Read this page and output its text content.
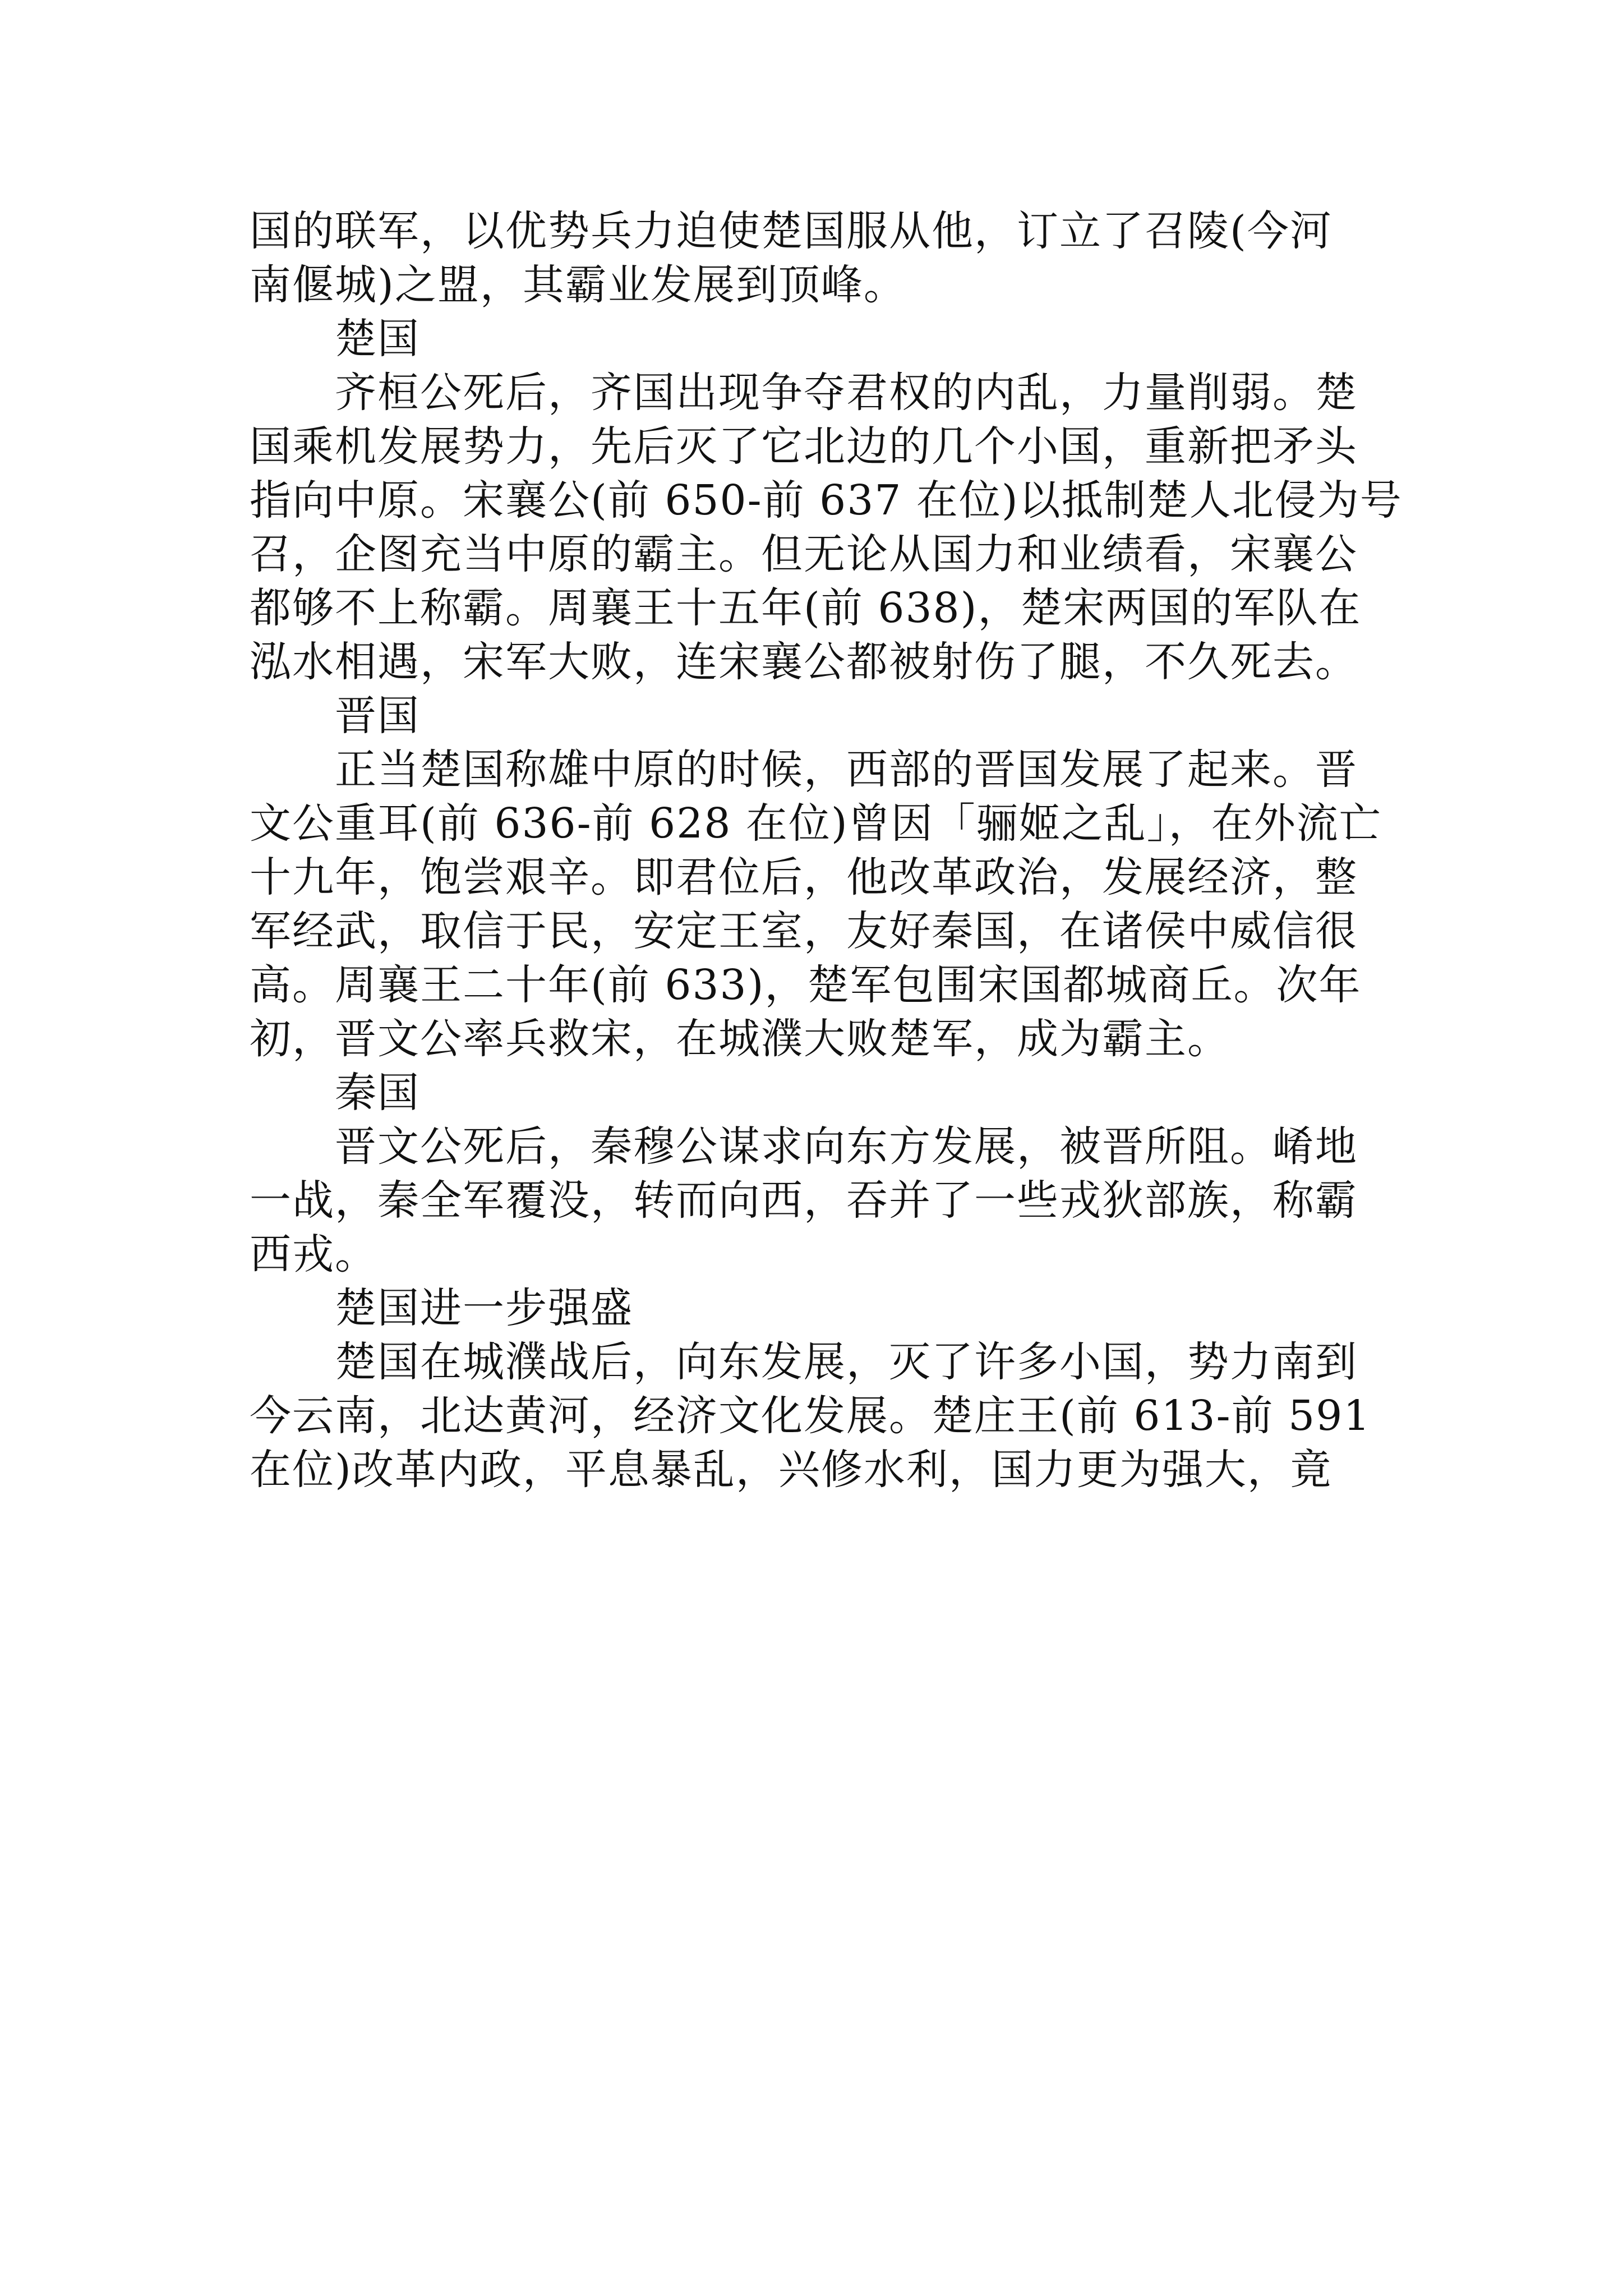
国的联军，以优势兵力迫使楚国服从他，订立了召陵(今河

南偃城)之盟，其霸业发展到顶峰。

　　楚国

　　齐桓公死后，齐国出现争夺君权的内乱，力量削弱。楚

国乘机发展势力，先后灭了它北边的几个小国，重新把矛头

指向中原。宋襄公(前 650-前 637 在位)以抵制楚人北侵为号

召，企图充当中原的霸主。但无论从国力和业绩看，宋襄公

都够不上称霸。周襄王十五年(前 638)，楚宋两国的军队在

泓水相遇，宋军大败，连宋襄公都被射伤了腿，不久死去。

　　晋国

　　正当楚国称雄中原的时候，西部的晋国发展了起来。晋

文公重耳(前 636-前 628 在位)曾因「骊姬之乱」，在外流亡

十九年，饱尝艰辛。即君位后，他改革政治，发展经济，整

军经武，取信于民，安定王室，友好秦国，在诸侯中威信很

高。周襄王二十年(前 633)，楚军包围宋国都城商丘。次年

初，晋文公率兵救宋，在城濮大败楚军，成为霸主。

　　秦国

　　晋文公死后，秦穆公谋求向东方发展，被晋所阻。崤地

一战，秦全军覆没，转而向西，吞并了一些戎狄部族，称霸

西戎。

　　楚国进一步强盛

　　楚国在城濮战后，向东发展，灭了许多小国，势力南到

今云南，北达黄河，经济文化发展。楚庄王(前 613-前 591

在位)改革内政，平息暴乱，兴修水利，国力更为强大，竟
